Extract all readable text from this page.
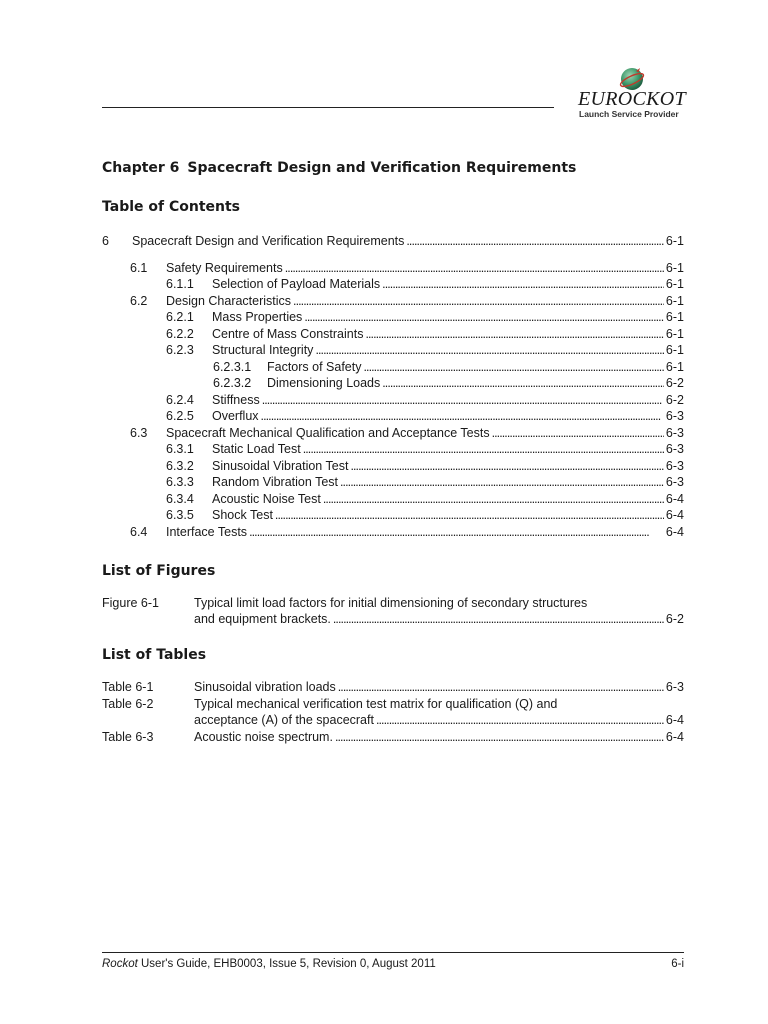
EUROCKOT
Launch Service Provider
Chapter 6 Spacecraft Design and Verification Requirements
Table of Contents
6	Spacecraft Design and Verification Requirements . . .	6-1
6.1	Safety Requirements . . .	6-1
6.1.1	Selection of Payload Materials . . .	6-1
6.2	Design Characteristics . . .	6-1
6.2.1	Mass Properties . . .	6-1
6.2.2	Centre of Mass Constraints . . .	6-1
6.2.3	Structural Integrity . . .	6-1
6.2.3.1	Factors of Safety . . .	6-1
6.2.3.2	Dimensioning Loads . . .	6-2
6.2.4	Stiffness . . .	6-2
6.2.5	Overflux . . .	6-3
6.3	Spacecraft Mechanical Qualification and Acceptance Tests . . .	6-3
6.3.1	Static Load Test . . .	6-3
6.3.2	Sinusoidal Vibration Test . . .	6-3
6.3.3	Random Vibration Test . . .	6-3
6.3.4	Acoustic Noise Test . . .	6-4
6.3.5	Shock Test . . .	6-4
6.4	Interface Tests . . .	6-4
List of Figures
Figure 6-1	Typical limit load factors for initial dimensioning of secondary structures
and equipment brackets. . . .	6-2
List of Tables
Table 6-1	Sinusoidal vibration loads . . .	6-3
Table 6-2	Typical mechanical verification test matrix for qualification (Q) and
acceptance (A) of the spacecraft . . .	6-4
Table 6-3	Acoustic noise spectrum. . . .	6-4
Rockot User's Guide, EHB0003, Issue 5, Revision 0, August 2011	6-i
